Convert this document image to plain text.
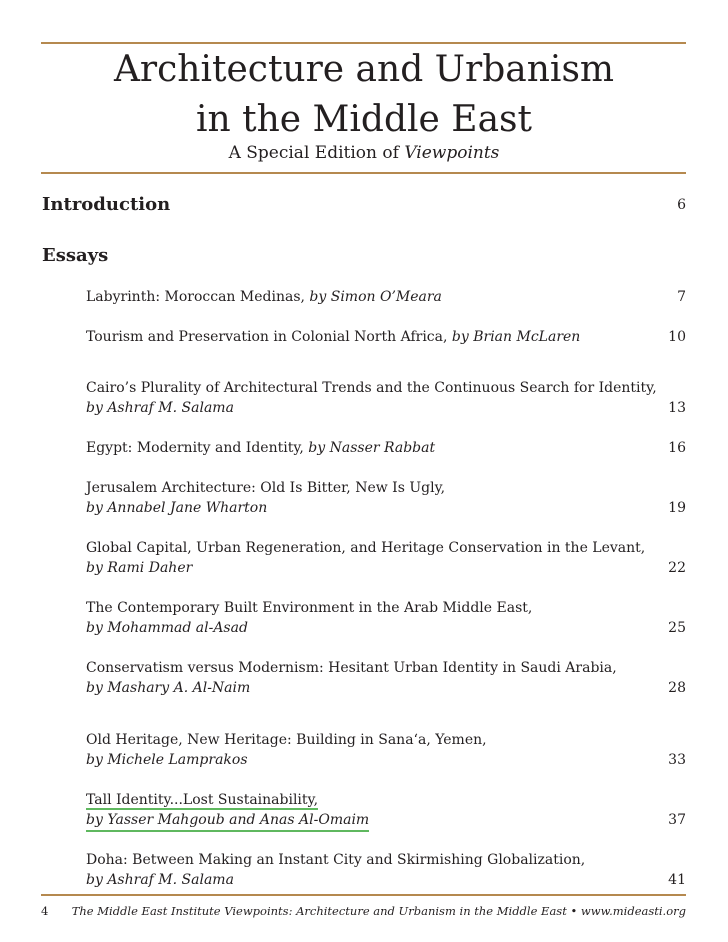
Architecture and Urbanism
in the Middle East
A Special Edition of Viewpoints
Introduction	6
Essays
Labyrinth: Moroccan Medinas, by Simon O’Meara	7
Tourism and Preservation in Colonial North Africa, by Brian McLaren	10
Cairo’s Plurality of Architectural Trends and the Continuous Search for Identity,
by Ashraf M. Salama	13
Egypt: Modernity and Identity, by Nasser Rabbat	16
Jerusalem Architecture: Old Is Bitter, New Is Ugly,
by Annabel Jane Wharton	19
Global Capital, Urban Regeneration, and Heritage Conservation in the Levant,
by Rami Daher	22
The Contemporary Built Environment in the Arab Middle East,
by Mohammad al-Asad	25
Conservatism versus Modernism: Hesitant Urban Identity in Saudi Arabia,
by Mashary A. Al-Naim	28
Old Heritage, New Heritage: Building in Sana‘a, Yemen,
by Michele Lamprakos	33
Tall Identity...Lost Sustainability,
by Yasser Mahgoub and Anas Al-Omaim	37
Doha: Between Making an Instant City and Skirmishing Globalization,
by Ashraf M. Salama	41
4 The Middle East Institute Viewpoints: Architecture and Urbanism in the Middle East • www.mideasti.org
